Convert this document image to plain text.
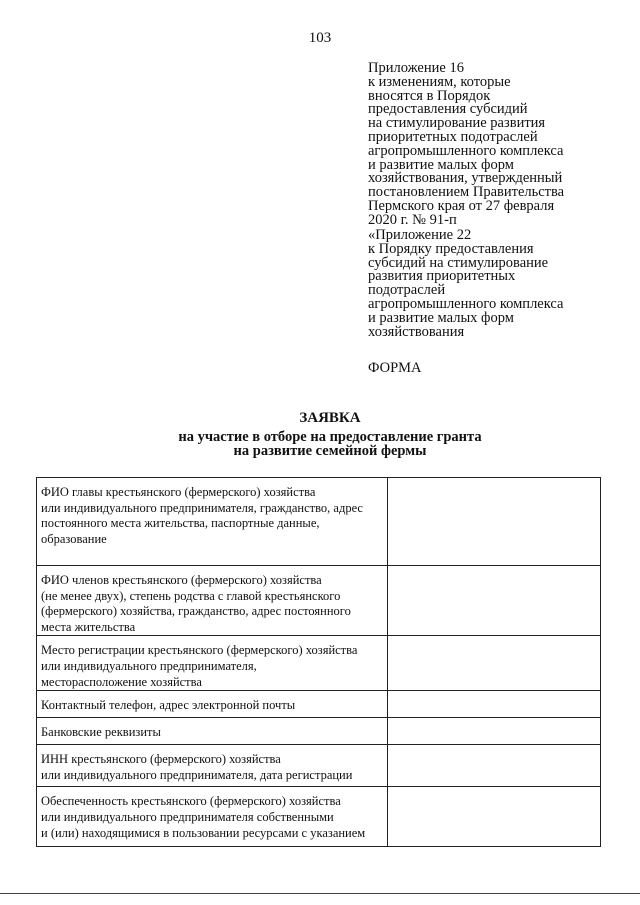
103
Приложение 16
к изменениям, которые
вносятся в Порядок
предоставления субсидий
на стимулирование развития
приоритетных подотраслей
агропромышленного комплекса
и развитие малых форм
хозяйствования, утвержденный
постановлением Правительства
Пермского края от 27 февраля
2020 г. № 91-п
«Приложение 22
к Порядку предоставления
субсидий на стимулирование
развития приоритетных
подотраслей
агропромышленного комплекса
и развитие малых форм
хозяйствования
ФОРМА
ЗАЯВКА
на участие в отборе на предоставление гранта
на развитие семейной фермы
ФИО главы крестьянского (фермерского) хозяйства
или индивидуального предпринимателя, гражданство, адрес
постоянного места жительства, паспортные данные,
образование	

ФИО членов крестьянского (фермерского) хозяйства
(не менее двух), степень родства с главой крестьянского
(фермерского) хозяйства, гражданство, адрес постоянного
места жительства	

Место регистрации крестьянского (фермерского) хозяйства
или индивидуального предпринимателя,
месторасположение хозяйства	

Контактный телефон, адрес электронной почты	

Банковские реквизиты	

ИНН крестьянского (фермерского) хозяйства
или индивидуального предпринимателя, дата регистрации	

Обеспеченность крестьянского (фермерского) хозяйства
или индивидуального предпринимателя собственными
и (или) находящимися в пользовании ресурсами с указанием	
